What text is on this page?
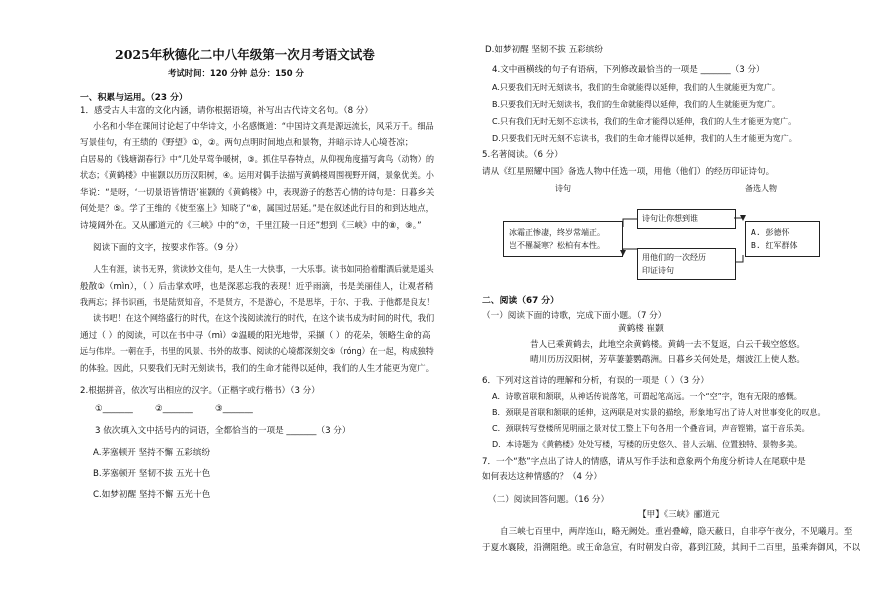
2025年秋德化二中八年级第一次月考语文试卷
考试时间：120 分钟 总分：150 分
一、积累与运用。（23 分）
1．感受古人丰富的文化内涵，请你根据语境，补写出古代诗文名句。（8 分）
小名和小华在课间讨论起了中华诗文，小名感慨道：“中国诗文真是源远流长，风采万千。细品
写景佳句，有王绩的《野望》①，②。两句点明时间地点和景物，并暗示诗人心境苍凉；
白居易的《钱塘湖春行》中“几处早莺争暖树，③。抓住早春特点，从仰视角度描写禽鸟（动物）的
状态；《黄鹤楼》中崔颢以历历汉阳树，④。运用对偶手法描写黄鹤楼周围视野开阔，景象优美。小
华说：“是呀，‘一切景语皆情语’崔颢的《黄鹤楼》中，表现游子的愁苦心情的诗句是：日暮乡关
何处是？⑤。学了王维的《使至塞上》知晓了“⑥，属国过居延。”是在叙述此行目的和到达地点，
诗境阔外在。又从郦道元的《三峡》中的“⑦，千里江陵一日还”想到《三峡》中的⑧，⑨。”
阅读下面的文字，按要求作答。（9 分）
人生有涯，读书无界，赏读妙文佳句，是人生一大快事，一大乐事。读书如同拾着酣酒后就是遥头
般散①（mìn），（ ）后击掌欢呼，也是深恶忘我的表现！近乎雨滴，书是美丽佳人，让观者稍
我两忘；择书识画，书是陆贤知音，不是贤方，不是游心，不是思毕，于尔、于我、于他都是良友！
读书吧！在这个网络盛行的时代，在这个浅阅读流行的时代，在这个读书成为时间的时代，我们
通过（ ）的阅读，可以在书中寻（mì）②温暖的阳光地带，采撷（ ）的花朵，领略生命的高
远与伟岸。一朝在手，书里的风景、书外的故事、阅读的心境都深刻交⑤（róng）在一起，构成独特
的体验。因此，只要我们无时无刻读书，我们的生命才能得以延伸，我们的人生才能更为宽广。
2.根据拼音，依次写出相应的汉字。（正楷字或行楷书）（3 分）
①_______	②_______	③_______
3 依次填入文中括号内的词语，全都恰当的一项是 _______（3 分）
A.茅塞顿开 坚持不懈 五彩缤纷
B.茅塞顿开 坚韧不拔 五光十色
C.如梦初醒 坚持不懈 五光十色
D.如梦初醒 坚韧不拔 五彩缤纷
4.文中画横线的句子有语病，下列修改最恰当的一项是 _______（3 分）
A.只要我们无时无刻读书，我们的生命就能得以延伸，我们的人生就能更为宽广。
B.只要我们无时无刻读书，我们的生命就能得以延伸，我们的人生就能更为宽广。
C.只有我们无时无刻不忘读书，我们的生命才能得以延伸，我们的人生才能更为宽广。
D.只要我们无时无刻不忘读书，我们的生命才能得以延伸，我们的人生才能更为宽广。
5.名著阅读。（6 分）
请从《红星照耀中国》备选人物中任选一项，用他（他们）的经历印证诗句。
诗句	备选人物
冰霜正惨凄，终岁常端正。
岂不罹凝寒？松柏有本性。
诗句让你想到谁
用他们的一次经历
印证诗句
A. 彭德怀
B. 红军群体
二、阅读（67 分）
（一）阅读下面的诗歌，完成下面小题。（7 分）
黄鹤楼 崔颢
昔人已乘黄鹤去，此地空余黄鹤楼。黄鹤一去不复返，白云千载空悠悠。
晴川历历汉阳树，芳草萋萋鹦鹉洲。日暮乡关何处是，烟波江上使人愁。
6．下列对这首诗的理解和分析，有误的一项是（ ）（3 分）
A．诗歌首联和颔联，从神话传说落笔，可谓起笔高远。一个“空”字，饱有无限的感慨。
B．颈联是首联和颔联的延伸，这两联是对实景的描绘，形象地写出了诗人对世事变化的叹息。
C．颈联转写登楼所见明丽之景对仗工整上下句各用一个叠音词，声音铿锵，富于音乐美。
D．本诗题为《黄鹤楼》处处写楼，写楼的历史悠久、昔人云端、位置独特、景物多美。
7．一个“愁”字点出了诗人的情感，请从写作手法和意象两个角度分析诗人在尾联中是
如何表达这种情感的？（4 分）
（二）阅读回答问题。（16 分）
【甲】《三峡》郦道元
自三峡七百里中，两岸连山，略无阙处。重岩叠嶂，隐天蔽日，自非亭午夜分，不见曦月。至
于夏水襄陵，沿溯阻绝。或王命急宣，有时朝发白帝，暮到江陵，其间千二百里，虽乘奔御风，不以
